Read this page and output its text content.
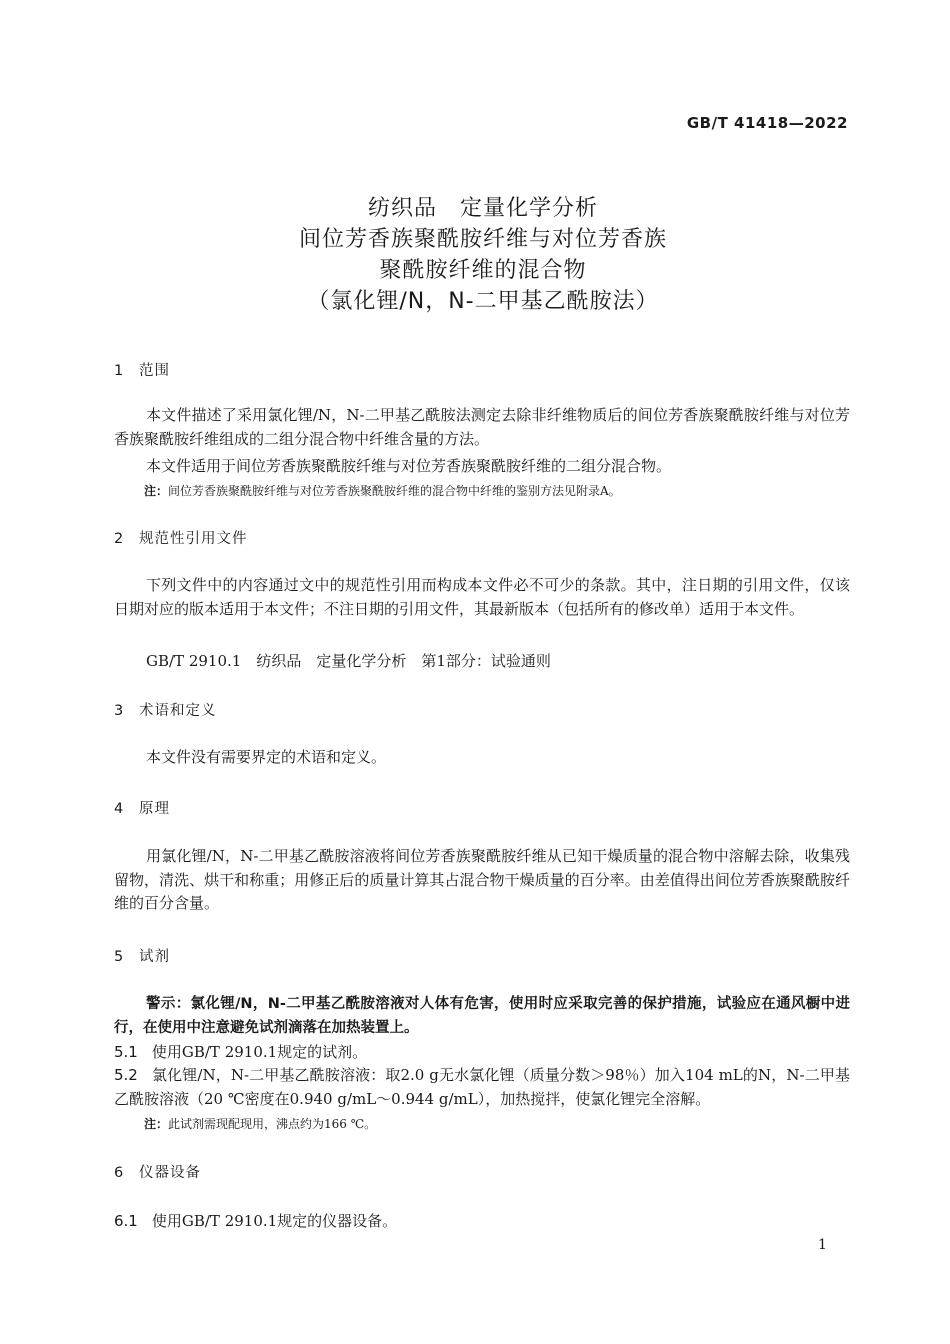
GB/T 41418—2022
纺织品　定量化学分析
间位芳香族聚酰胺纤维与对位芳香族
聚酰胺纤维的混合物
（氯化锂/N，N-二甲基乙酰胺法）
1 范围
本文件描述了采用氯化锂/N，N-二甲基乙酰胺法测定去除非纤维物质后的间位芳香族聚酰胺纤维与对位芳香族聚酰胺纤维组成的二组分混合物中纤维含量的方法。
本文件适用于间位芳香族聚酰胺纤维与对位芳香族聚酰胺纤维的二组分混合物。
注：间位芳香族聚酰胺纤维与对位芳香族聚酰胺纤维的混合物中纤维的鉴别方法见附录A。
2 规范性引用文件
下列文件中的内容通过文中的规范性引用而构成本文件必不可少的条款。其中，注日期的引用文件，仅该日期对应的版本适用于本文件；不注日期的引用文件，其最新版本（包括所有的修改单）适用于本文件。
GB/T 2910.1　纺织品　定量化学分析　第1部分：试验通则
3 术语和定义
本文件没有需要界定的术语和定义。
4 原理
用氯化锂/N，N-二甲基乙酰胺溶液将间位芳香族聚酰胺纤维从已知干燥质量的混合物中溶解去除，收集残留物，清洗、烘干和称重；用修正后的质量计算其占混合物干燥质量的百分率。由差值得出间位芳香族聚酰胺纤维的百分含量。
5 试剂
警示：氯化锂/N，N-二甲基乙酰胺溶液对人体有危害，使用时应采取完善的保护措施，试验应在通风橱中进行，在使用中注意避免试剂滴落在加热装置上。
5.1 使用GB/T 2910.1规定的试剂。
5.2 氯化锂/N，N-二甲基乙酰胺溶液：取2.0 g无水氯化锂（质量分数＞98％）加入104 mL的N，N-二甲基乙酰胺溶液（20 ℃密度在0.940 g/mL～0.944 g/mL），加热搅拌，使氯化锂完全溶解。
注：此试剂需现配现用，沸点约为166 ℃。
6 仪器设备
6.1 使用GB/T 2910.1规定的仪器设备。
1
